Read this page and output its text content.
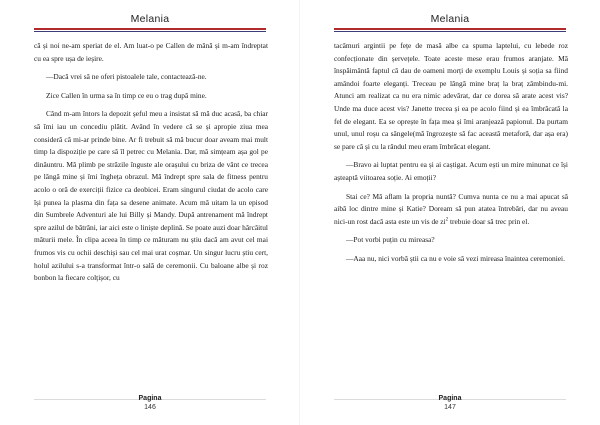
Melania

că și noi ne-am speriat de el. Am luat-o pe Callen de mână și m-am îndreptat cu ea spre ușa de ieșire.

—Dacă vrei să ne oferi pistoalele tale, contactează-ne.

Zice Callen în urma sa în timp ce eu o trag după mine.

Când m-am întors la depozit șeful meu a insistat să mă duc acasă, ba chiar să îmi iau un concediu plătit. Având în vedere că se și apropie ziua mea consideră că mi-ar prinde bine. Ar fi trebuit să mă bucur doar aveam mai mult timp la dispoziție pe care să îl petrec cu Melania. Dar, mă simțeam așa gol pe dinăuntru. Mă plimb pe străzile înguste ale orașului cu briza de vânt ce trecea pe lângă mine și îmi îngheța obrazul. Mă îndrept spre sala de fitness pentru acolo o oră de exerciții fizice ca deobicei. Eram singurul ciudat de acolo care își punea la plasma din fața sa desene animate. Acum mă uitam la un episod din Sumbrele Adventuri ale lui Billy și Mandy. După antrenament mă îndrept spre azilul de bătrâni, iar aici este o liniște deplină. Se poate auzi doar hârcâitul mâturii mele. În clipa aceea în timp ce măturam nu știu dacă am avut cel mai frumos vis cu ochii deschiși sau cel mai urat coșmar. Un singur lucru știu cert, holul azilului s-a transformat într-o sală de ceremonii. Cu baloane albe și roz bonbon la fiecare colțișor, cu

Pagina
146
Melania

tacâmuri argintii pe fețe de masă albe ca spuma laptelui, cu lebede roz confecționate din șervețele. Toate aceste mese erau frumos aranjate. Mă înspăimântă faptul că dau de oameni morți de exemplu Louis și soția sa fiind amândoi foarte eleganți. Treceau pe lângă mine braț la braț zâmbindu-mi. Atunci am realizat ca nu era nimic adevărat, dar ce dorea să arate acest vis? Unde ma duce acest vis? Janette trecea și ea pe acolo fiind și ea îmbrăcată la fel de elegant. Ea se oprește în fața mea și îmi aranjează papionul. Da purtam unul, unul roșu ca sângele(mă îngrozește să fac această metaforă, dar așa era) se pare că și cu la rândul meu eram îmbrăcat elegant.

—Bravo ai luptat pentru ea și ai caștigat. Acum ești un mire minunat ce își așteaptă viitoarea soție. Ai emoții?

Stai ce? Mă aflam la propria nuntă? Cumva nunta ce nu a mai apucat să aibă loc dintre mine și Katie? Doream să pun atatea întrebări, dar nu aveau nici-un rost dacă asta este un vis de $zi^2$ trebuie doar să trec prin el.

—Pot vorbi puțin cu mireasa?

—Aaa nu, nici vorbă știi ca nu e voie să vezi mireasa înaintea ceremoniei.

Pagina
147
